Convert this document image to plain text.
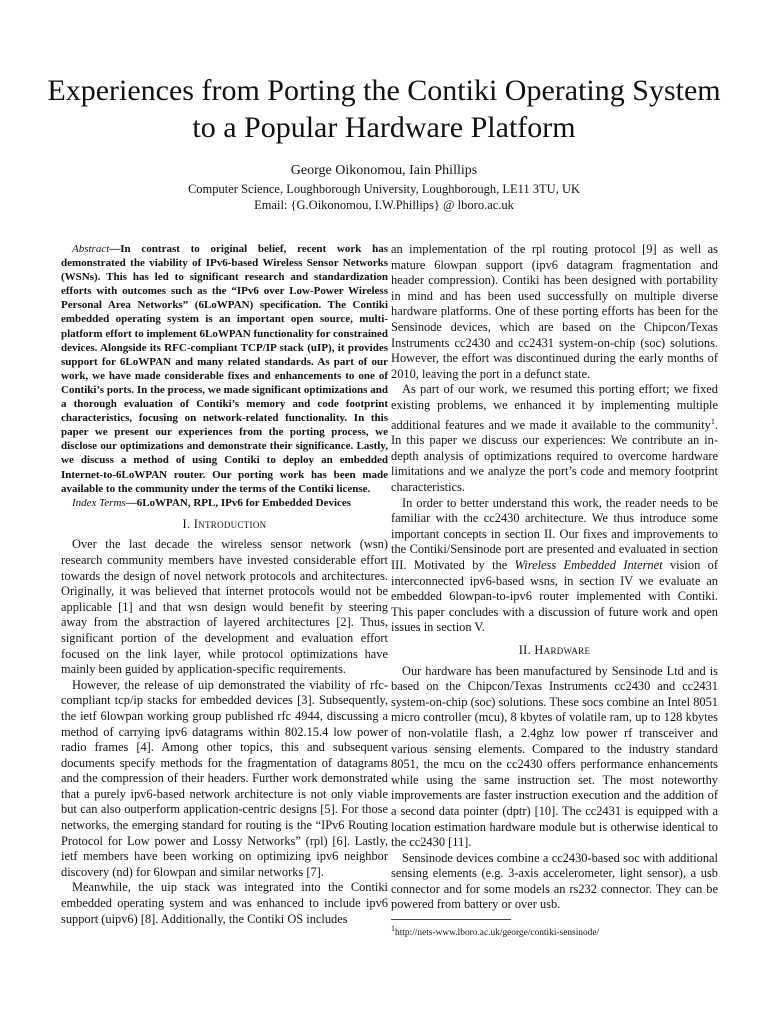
Experiences from Porting the Contiki Operating System to a Popular Hardware Platform
George Oikonomou, Iain Phillips
Computer Science, Loughborough University, Loughborough, LE11 3TU, UK
Email: {G.Oikonomou, I.W.Phillips} @ lboro.ac.uk

Abstract—In contrast to original belief, recent work has demonstrated the viability of IPv6-based Wireless Sensor Networks (WSNs). This has led to significant research and standardization efforts with outcomes such as the “IPv6 over Low-Power Wireless Personal Area Networks” (6LoWPAN) specification. The Contiki embedded operating system is an important open source, multi-platform effort to implement 6LoWPAN functionality for constrained devices. Alongside its RFC-compliant TCP/IP stack (uIP), it provides support for 6LoWPAN and many related standards. As part of our work, we have made considerable fixes and enhancements to one of Contiki’s ports. In the process, we made significant optimizations and a thorough evaluation of Contiki’s memory and code footprint characteristics, focusing on network-related functionality. In this paper we present our experiences from the porting process, we disclose our optimizations and demonstrate their significance. Lastly, we discuss a method of using Contiki to deploy an embedded Internet-to-6LoWPAN router. Our porting work has been made available to the community under the terms of the Contiki license.

Index Terms—6LoWPAN, RPL, IPv6 for Embedded Devices

I. Introduction

Over the last decade the wireless sensor network (wsn) research community members have invested considerable effort towards the design of novel network protocols and architectures. Originally, it was believed that internet protocols would not be applicable [1] and that wsn design would benefit by steering away from the abstraction of layered architectures [2]. Thus, significant portion of the development and evaluation effort focused on the link layer, while protocol optimizations have mainly been guided by application-specific requirements.

However, the release of uip demonstrated the viability of rfc-compliant tcp/ip stacks for embedded devices [3]. Subsequently, the ietf 6lowpan working group published rfc 4944, discussing a method of carrying ipv6 datagrams within 802.15.4 low power radio frames [4]. Among other topics, this and subsequent documents specify methods for the fragmentation of datagrams and the compression of their headers. Further work demonstrated that a purely ipv6-based network architecture is not only viable but can also outperform application-centric designs [5]. For those networks, the emerging standard for routing is the “IPv6 Routing Protocol for Low power and Lossy Networks” (rpl) [6]. Lastly, ietf members have been working on optimizing ipv6 neighbor discovery (nd) for 6lowpan and similar networks [7].

Meanwhile, the uip stack was integrated into the Contiki embedded operating system and was enhanced to include ipv6 support (uipv6) [8]. Additionally, the Contiki OS includes

an implementation of the rpl routing protocol [9] as well as mature 6lowpan support (ipv6 datagram fragmentation and header compression). Contiki has been designed with portability in mind and has been used successfully on multiple diverse hardware platforms. One of these porting efforts has been for the Sensinode devices, which are based on the Chipcon/Texas Instruments cc2430 and cc2431 system-on-chip (soc) solutions. However, the effort was discontinued during the early months of 2010, leaving the port in a defunct state.

As part of our work, we resumed this porting effort; we fixed existing problems, we enhanced it by implementing multiple additional features and we made it available to the community$^1$. In this paper we discuss our experiences: We contribute an in-depth analysis of optimizations required to overcome hardware limitations and we analyze the port’s code and memory footprint characteristics.

In order to better understand this work, the reader needs to be familiar with the cc2430 architecture. We thus introduce some important concepts in section II. Our fixes and improvements to the Contiki/Sensinode port are presented and evaluated in section III. Motivated by the Wireless Embedded Internet vision of interconnected ipv6-based wsns, in section IV we evaluate an embedded 6lowpan-to-ipv6 router implemented with Contiki. This paper concludes with a discussion of future work and open issues in section V.

II. Hardware

Our hardware has been manufactured by Sensinode Ltd and is based on the Chipcon/Texas Instruments cc2430 and cc2431 system-on-chip (soc) solutions. These socs combine an Intel 8051 micro controller (mcu), 8 kbytes of volatile ram, up to 128 kbytes of non-volatile flash, a 2.4ghz low power rf transceiver and various sensing elements. Compared to the industry standard 8051, the mcu on the cc2430 offers performance enhancements while using the same instruction set. The most noteworthy improvements are faster instruction execution and the addition of a second data pointer (dptr) [10]. The cc2431 is equipped with a location estimation hardware module but is otherwise identical to the cc2430 [11].

Sensinode devices combine a cc2430-based soc with additional sensing elements (e.g. 3-axis accelerometer, light sensor), a usb connector and for some models an rs232 connector. They can be powered from battery or over usb.

$^1$http://nets-www.lboro.ac.uk/george/contiki-sensinode/
